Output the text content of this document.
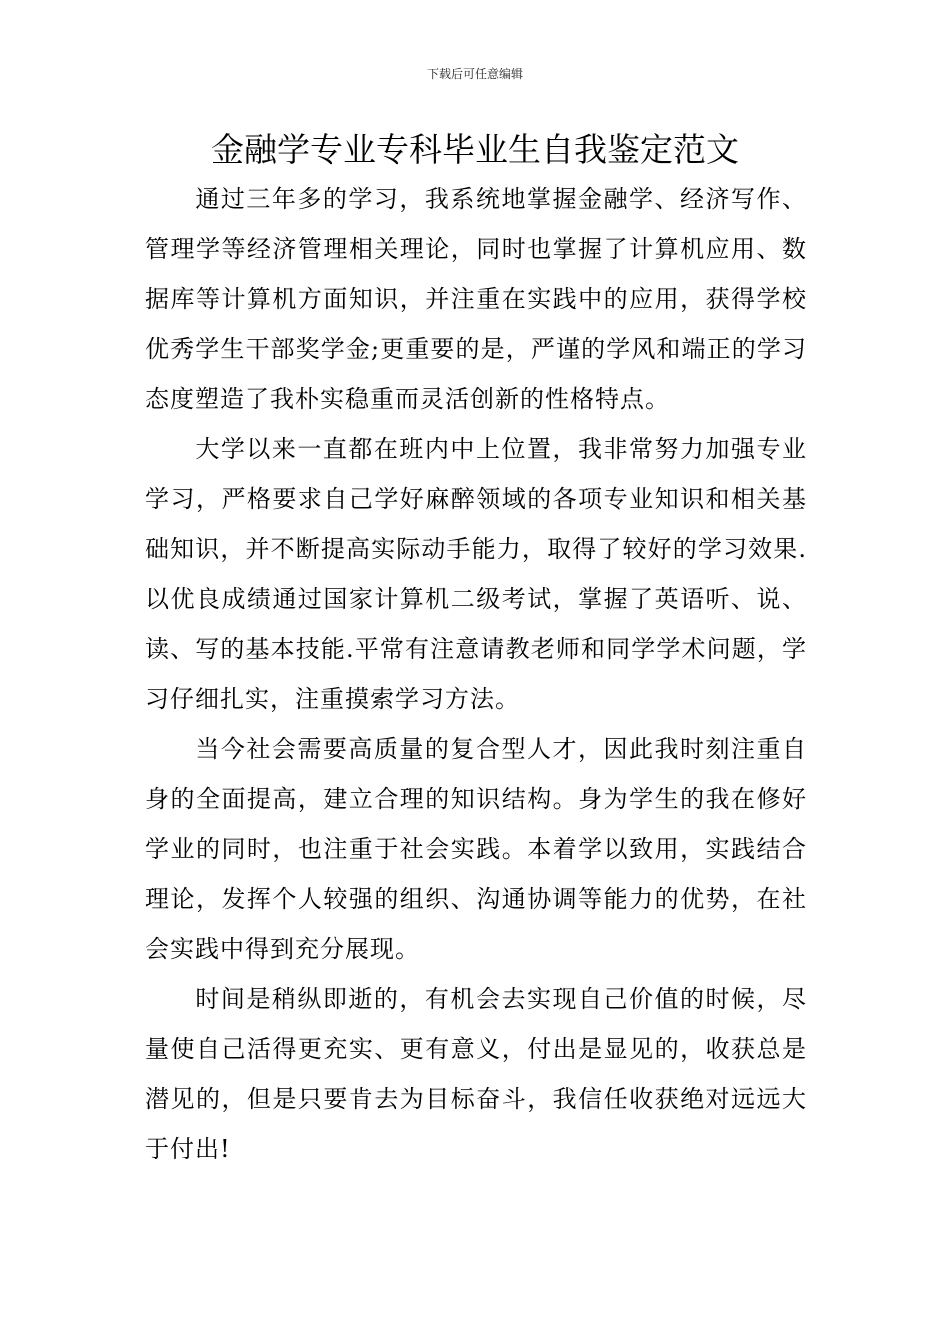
下载后可任意编辑
金融学专业专科毕业生自我鉴定范文

通过三年多的学习，我系统地掌握金融学、经济写作、管理学等经济管理相关理论，同时也掌握了计算机应用、数据库等计算机方面知识，并注重在实践中的应用，获得学校优秀学生干部奖学金;更重要的是，严谨的学风和端正的学习态度塑造了我朴实稳重而灵活创新的性格特点。

大学以来一直都在班内中上位置，我非常努力加强专业学习，严格要求自己学好麻醉领域的各项专业知识和相关基础知识，并不断提高实际动手能力，取得了较好的学习效果.以优良成绩通过国家计算机二级考试，掌握了英语听、说、读、写的基本技能.平常有注意请教老师和同学学术问题，学习仔细扎实，注重摸索学习方法。

当今社会需要高质量的复合型人才，因此我时刻注重自身的全面提高，建立合理的知识结构。身为学生的我在修好学业的同时，也注重于社会实践。本着学以致用，实践结合理论，发挥个人较强的组织、沟通协调等能力的优势，在社会实践中得到充分展现。

时间是稍纵即逝的，有机会去实现自己价值的时候，尽量使自己活得更充实、更有意义，付出是显见的，收获总是潜见的，但是只要肯去为目标奋斗，我信任收获绝对远远大于付出!
